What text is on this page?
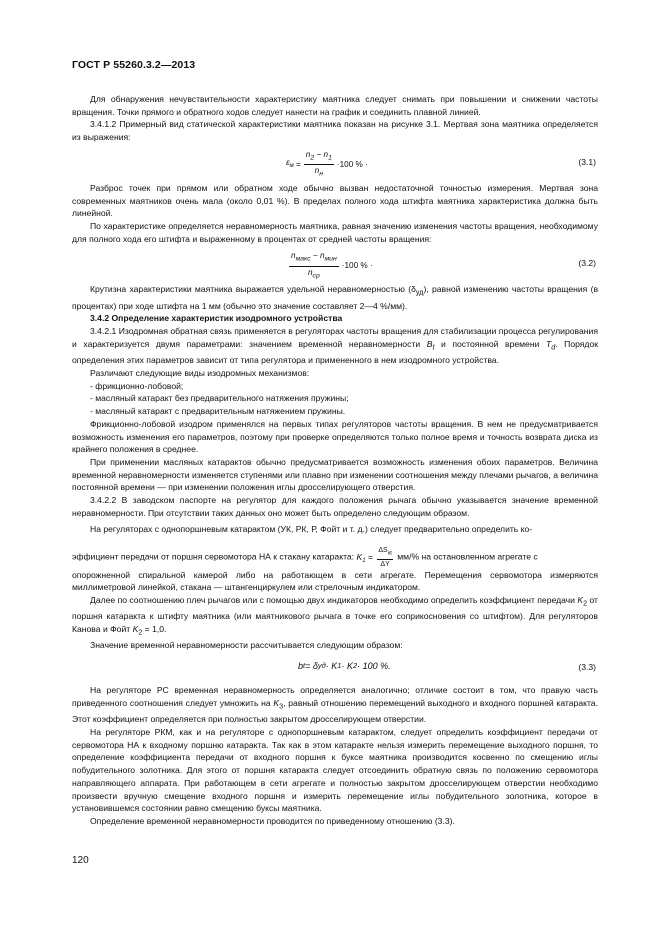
ГОСТ Р 55260.3.2—2013

Для обнаружения нечувствительности характеристику маятника следует снимать при повышении и снижении частоты вращения. Точки прямого и обратного ходов следует нанести на график и соединить плавной линией.

3.4.1.2 Примерный вид статической характеристики маятника показан на рисунке 3.1. Мертвая зона маятника определяется из выражения:

$\varepsilon_м = \frac{n_2 - n_1}{n_н} \cdot 100$ % ·	(3.1)

Разброс точек при прямом или обратном ходе обычно вызван недостаточной точностью измерения. Мертвая зона современных маятников очень мала (около 0,01 %). В пределах полного хода штифта маятника характеристика должна быть линейной.

По характеристике определяется неравномерность маятника, равная значению изменения частоты вращения, необходимому для полного хода его штифта и выраженному в процентах от средней частоты вращения:

$\frac{n_{макс} - n_{мин}}{n_{ср}} \cdot 100$ % ·	(3.2)

Крутизна характеристики маятника выражается удельной неравномерностью $(\delta_{уд})$, равной изменению частоты вращения (в процентах) при ходе штифта на 1 мм (обычно это значение составляет 2—4 %/мм).

3.4.2 Определение характеристик изодромного устройства

3.4.2.1 Изодромная обратная связь применяется в регуляторах частоты вращения для стабилизации процесса регулирования и характеризуется двумя параметрами: значением временной неравномерности $B_t$ и постоянной времени $T_d$. Порядок определения этих параметров зависит от типа регулятора и примененного в нем изодромного устройства.

Различают следующие виды изодромных механизмов:

- фрикционно-лобовой;

- масляный катаракт без предварительного натяжения пружины;

- масляный катаракт с предварительным натяжением пружины.

Фрикционно-лобовой изодром применялся на первых типах регуляторов частоты вращения. В нем не предусматривается возможность изменения его параметров, поэтому при проверке определяются только полное время и точность возврата диска из крайнего положения в среднее.

При применении масляных катарактов обычно предусматривается возможность изменения обоих параметров. Величина временной неравномерности изменяется ступенями или плавно при изменении соотношения между плечами рычагов, а величина постоянной времени — при изменении положения иглы дросселирующего отверстия.

3.4.2.2 В заводском паспорте на регулятор для каждого положения рычага обычно указывается значение временной неравномерности. При отсутствии таких данных оно может быть определено следующим образом.

На регуляторах с однопоршневым катарактом (УК, РК, Р, Фойт и т. д.) следует предварительно определить ко-

эффициент передачи от поршня сервомотора НА к стакану катаракта: $K_1$ =
$\Delta S_{кt}$
ΔY
мм/% на остановленном агрегате с

опорожненной спиральной камерой либо на работающем в сети агрегате. Перемещения сервомотора измеряются миллиметровой линейкой, стакана — штангенциркулем или стрелочным индикатором.

Далее по соотношению плеч рычагов или с помощью двух индикаторов необходимо определить коэффициент передачи $K_2$ от поршня катаракта к штифту маятника (или маятникового рычага в точке его соприкосновения со штифтом). Для регуляторов Канова и Фойт $K_2 = 1,0$.

Значение временной неравномерности рассчитывается следующим образом:

b t = δ уд · K 1 · K 2 · 100 %.	(3.3)

На регуляторе РС временная неравномерность определяется аналогично; отличие состоит в том, что правую часть приведенного соотношения следует умножить на $K_3$, равный отношению перемещений выходного и входного поршней катаракта. Этот коэффициент определяется при полностью закрытом дросселирующем отверстии.

На регуляторе РКМ, как и на регуляторе с однопоршневым катарактом, следует определить коэффициент передачи от сервомотора НА к входному поршню катаракта. Так как в этом катаракте нельзя измерить перемещение выходного поршня, то определение коэффициента передачи от входного поршня к буксе маятника производится косвенно по смещению иглы побудительного золотника. Для этого от поршня катаракта следует отсоединить обратную связь по положению сервомотора направляющего аппарата. При работающем в сети агрегате и полностью закрытом дросселирующем отверстии необходимо произвести вручную смещение входного поршня и измерить перемещение иглы побудительного золотника, которое в установившемся состоянии равно смещению буксы маятника.

Определение временной неравномерности проводится по приведенному отношению (3.3).

120
